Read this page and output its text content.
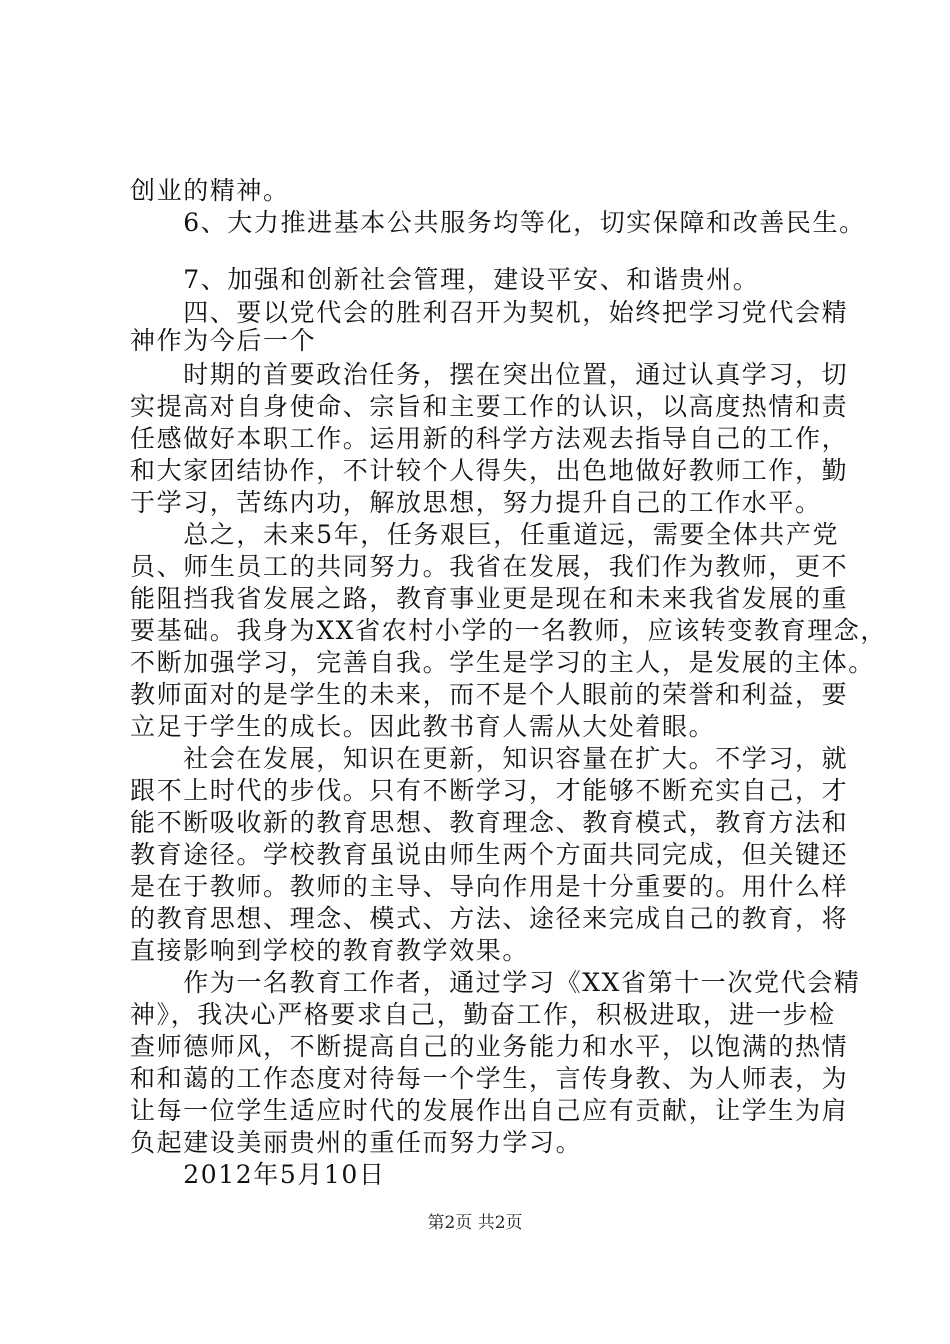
创业的精神。
　　6、大力推进基本公共服务均等化，切实保障和改善民生。
　　7、加强和创新社会管理，建设平安、和谐贵州。
　　四、要以党代会的胜利召开为契机，始终把学习党代会精
神作为今后一个
　　时期的首要政治任务，摆在突出位置，通过认真学习，切
实提高对自身使命、宗旨和主要工作的认识，以高度热情和责
任感做好本职工作。运用新的科学方法观去指导自己的工作，
和大家团结协作，不计较个人得失，出色地做好教师工作，勤
于学习，苦练内功，解放思想，努力提升自己的工作水平。
　　总之，未来5年，任务艰巨，任重道远，需要全体共产党
员、师生员工的共同努力。我省在发展，我们作为教师，更不
能阻挡我省发展之路，教育事业更是现在和未来我省发展的重
要基础。我身为XX省农村小学的一名教师，应该转变教育理念，
不断加强学习，完善自我。学生是学习的主人，是发展的主体。
教师面对的是学生的未来，而不是个人眼前的荣誉和利益，要
立足于学生的成长。因此教书育人需从大处着眼。
　　社会在发展，知识在更新，知识容量在扩大。不学习，就
跟不上时代的步伐。只有不断学习，才能够不断充实自己，才
能不断吸收新的教育思想、教育理念、教育模式，教育方法和
教育途径。学校教育虽说由师生两个方面共同完成，但关键还
是在于教师。教师的主导、导向作用是十分重要的。用什么样
的教育思想、理念、模式、方法、途径来完成自己的教育，将
直接影响到学校的教育教学效果。
　　作为一名教育工作者，通过学习《XX省第十一次党代会精
神》，我决心严格要求自己，勤奋工作，积极进取，进一步检
查师德师风，不断提高自己的业务能力和水平，以饱满的热情
和和蔼的工作态度对待每一个学生，言传身教、为人师表，为
让每一位学生适应时代的发展作出自己应有贡献，让学生为肩
负起建设美丽贵州的重任而努力学习。
　　2012年5月10日
第2页 共2页
